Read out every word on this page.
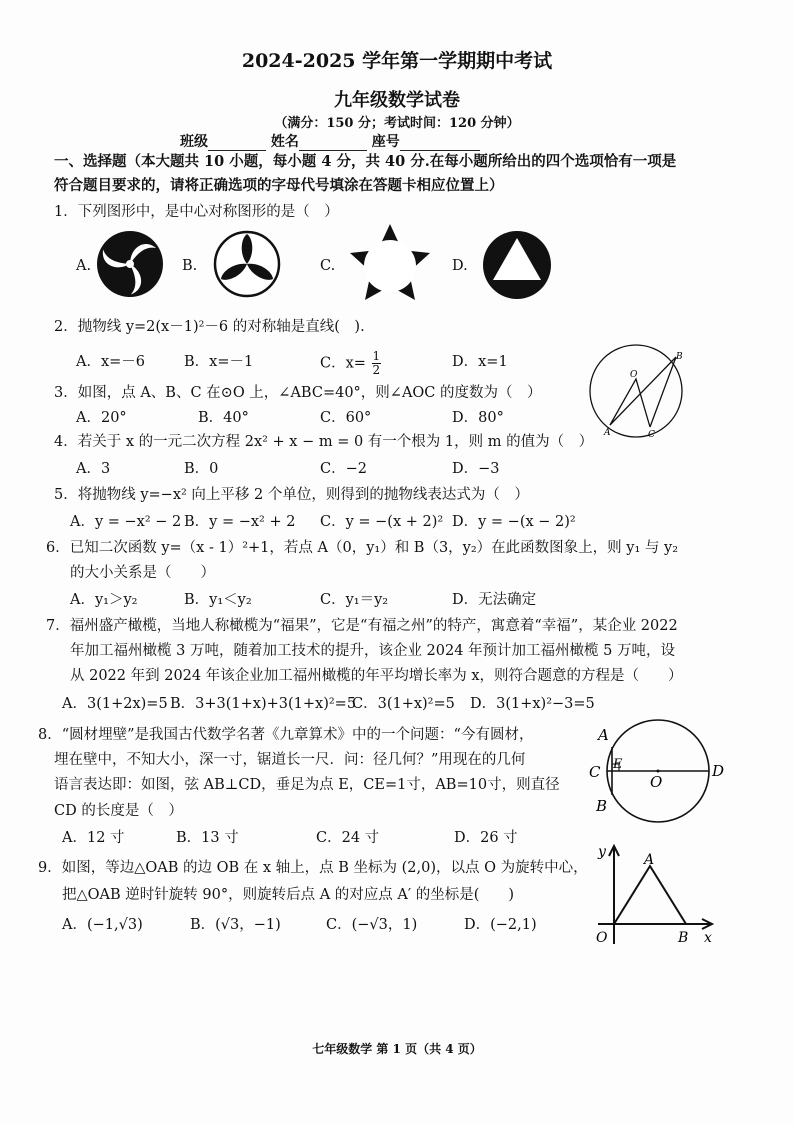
2024-2025 学年第一学期期中考试
九年级数学试卷
（满分：150 分；考试时间：120 分钟）
班级	姓名	座号
一、选择题（本大题共 10 小题，每小题 4 分，共 40 分.在每小题所给出的四个选项恰有一项是
符合题目要求的，请将正确选项的字母代号填涂在答题卡相应位置上）
1．下列图形中，是中心对称图形的是（　）
A.	B.	C.	D.
2．抛物线 y=2(x－1)²－6 的对称轴是直线(　).
A．x=－6	B．x=－1	C．$x= \frac{1}{2}$	D．x=1
3．如图，点 A、B、C 在⊙O 上，∠ABC=40°，则∠AOC 的度数为（　）
A．20°	B．40°	C．60°	D．80°
O
B
A	C
4．若关于 x 的一元二次方程 2x² + x − m = 0 有一个根为 1，则 m 的值为（　）
A．3	B．0	C．−2	D．−3
5．将抛物线 y=−x² 向上平移 2 个单位，则得到的抛物线表达式为（　）
A．y = −x² − 2 B．y = −x² + 2 C．y = −(x + 2)² D．y = −(x − 2)²
6．已知二次函数 y=（x - 1）²+1，若点 A（0，y₁）和 B（3，y₂）在此函数图象上，则 y₁ 与 y₂
的大小关系是（　　）
A．y₁＞y₂	B．y₁＜y₂	C．y₁＝y₂	D．无法确定
7．福州盛产橄榄，当地人称橄榄为“福果”，它是“有福之州”的特产，寓意着“幸福”，某企业 2022
年加工福州橄榄 3 万吨，随着加工技术的提升，该企业 2024 年预计加工福州橄榄 5 万吨，设
从 2022 年到 2024 年该企业加工福州橄榄的年平均增长率为 x，则符合题意的方程是（　　）
A．3(1+2x)=5 B．3+3(1+x)+3(1+x)²=5
C．3(1+x)²=5 D．3(1+x)²−3=5
8．“圆材埋壁”是我国古代数学名著《九章算术》中的一个问题：“今有圆材，
埋在壁中，不知大小，深一寸，锯道长一尺．问：径几何？”用现在的几何
语言表达即：如图，弦 AB⊥CD，垂足为点 E，CE=1寸，AB=10寸，则直径
CD 的长度是（　）
A．12 寸	B．13 寸	C．24 寸	D．26 寸
A
C E
O
D
B
9．如图，等边△OAB 的边 OB 在 x 轴上，点 B 坐标为 (2,0)，以点 O 为旋转中心，
把△OAB 逆时针旋转 90°，则旋转后点 A 的对应点 A′ 的坐标是(　　)
A．(−1,√3)	B．(√3，−1)	C．(−√3，1)	D．(−2,1)
y	A
O	B x
七年级数学 第 1 页（共 4 页）
